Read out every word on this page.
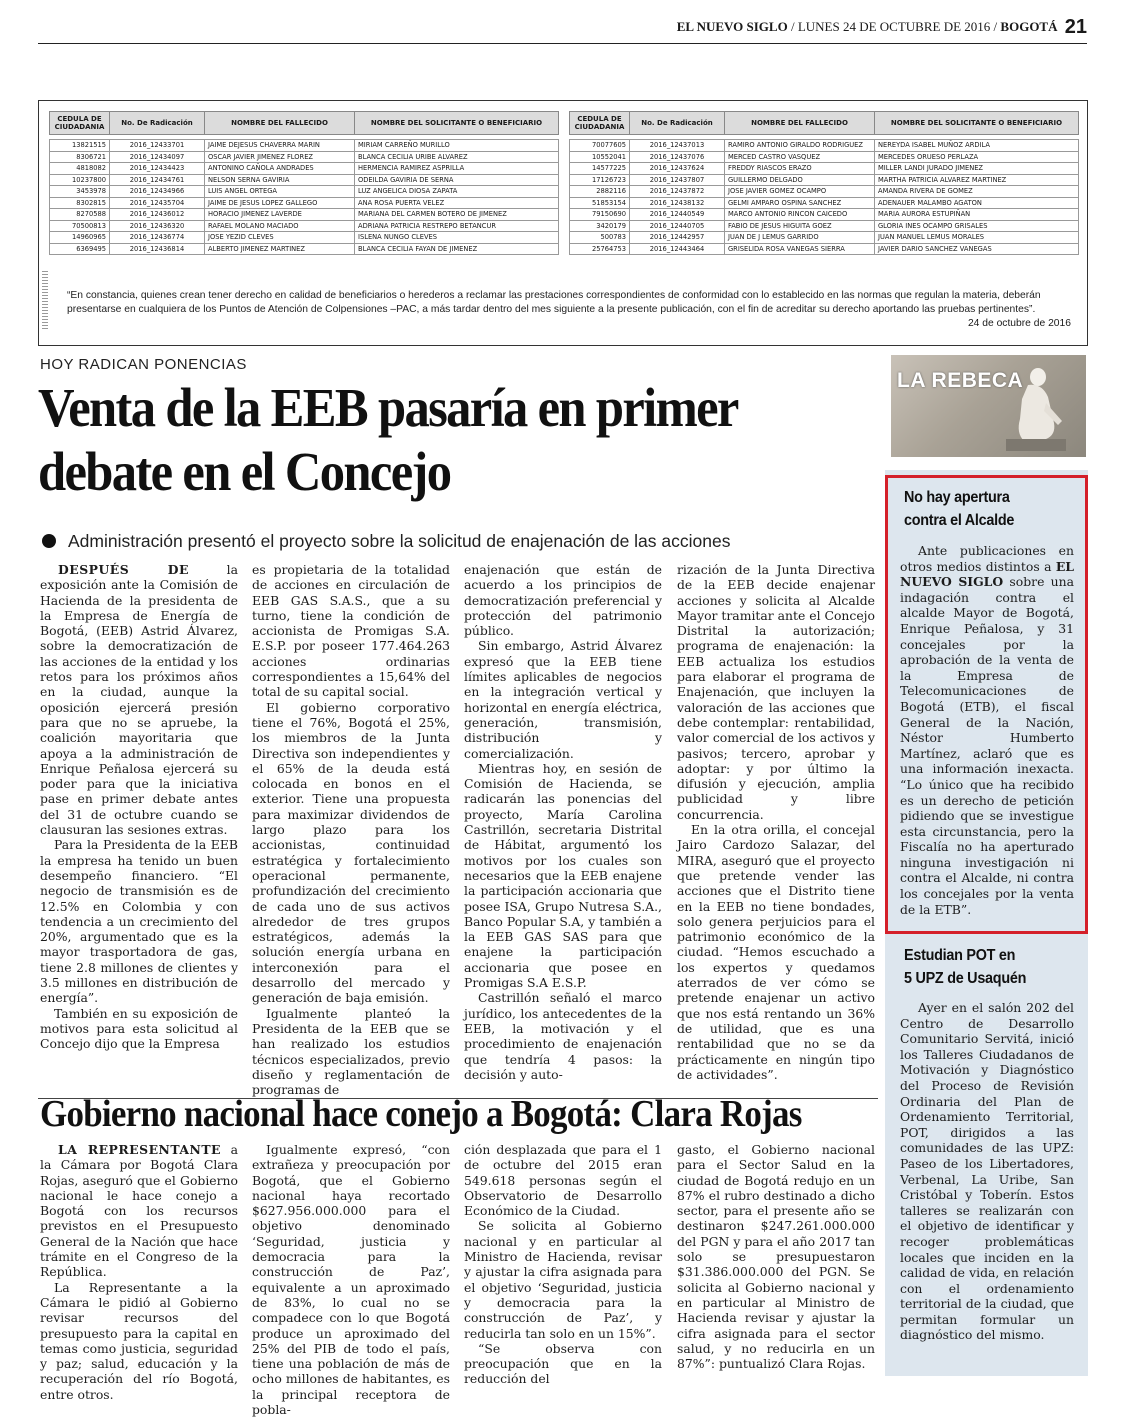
EL NUEVO SIGLO / LUNES 24 DE OCTUBRE DE 2016 / BOGOTÁ 21
CEDULA DE CIUDADANIA	No. De Radicación	NOMBRE DEL FALLECIDO	NOMBRE DEL SOLICITANTE O BENEFICIARIO

13821515	2016_12433701	JAIME DEJESUS CHAVERRA MARIN	MIRIAM CARREÑO MURILLO
8306721	2016_12434097	OSCAR JAVIER JIMENEZ FLOREZ	BLANCA CECILIA URIBE ALVAREZ
4818082	2016_12434423	ANTONINO CAÑOLA ANDRADES	HERMENCIA RAMIREZ ASPRILLA
10237800	2016_12434761	NELSON SERNA GAVIRIA	ODEILDA GAVIRIA DE SERNA
3453978	2016_12434966	LUIS ANGEL ORTEGA	LUZ ANGELICA DIOSA ZAPATA
8302815	2016_12435704	JAIME DE JESUS LOPEZ GALLEGO	ANA ROSA PUERTA VELEZ
8270588	2016_12436012	HORACIO JIMENEZ LAVERDE	MARIANA DEL CARMEN BOTERO DE JIMENEZ
70500813	2016_12436320	RAFAEL MOLANO MACIADO	ADRIANA PATRICIA RESTREPO BETANCUR
14960965	2016_12436774	JOSE YEZID CLEVES	ISLENA NUNGO CLEVES
6369495	2016_12436814	ALBERTO JIMENEZ MARTINEZ	BLANCA CECILIA FAYAN DE JIMENEZ
CEDULA DE CIUDADANIA	No. De Radicación	NOMBRE DEL FALLECIDO	NOMBRE DEL SOLICITANTE O BENEFICIARIO

70077605	2016_12437013	RAMIRO ANTONIO GIRALDO RODRIGUEZ	NEREYDA ISABEL MUÑOZ ARDILA
10552041	2016_12437076	MERCED CASTRO VASQUEZ	MERCEDES ORUESO PERLAZA
14577225	2016_12437624	FREDDY RIASCOS ERAZO	MILLER LANDI JURADO JIMENEZ
17126723	2016_12437807	GUILLERMO DELGADO	MARTHA PATRICIA ALVAREZ MARTINEZ
2882116	2016_12437872	JOSE JAVIER GOMEZ OCAMPO	AMANDA RIVERA DE GOMEZ
51853154	2016_12438132	GELMI AMPARO OSPINA SANCHEZ	ADENAUER MALAMBO AGATON
79150690	2016_12440549	MARCO ANTONIO RINCON CAICEDO	MARIA AURORA ESTUPIÑAN
3420179	2016_12440705	FABIO DE JESUS HIGUITA GOEZ	GLORIA INES OCAMPO GRISALES
500783	2016_12442957	JUAN DE J LEMUS GARRIDO	JUAN MANUEL LEMUS MORALES
25764753	2016_12443464	GRISELIDA ROSA VANEGAS SIERRA	JAVIER DARIO SANCHEZ VANEGAS
“En constancia, quienes crean tener derecho en calidad de beneficiarios o herederos a reclamar las prestaciones correspondientes de conformidad con lo establecido en las normas que regulan la materia, deberán presentarse en cualquiera de los Puntos de Atención de Colpensiones –PAC, a más tardar dentro del mes siguiente a la presente publicación, con el fin de acreditar su derecho aportando las pruebas pertinentes”.
24 de octubre de 2016
HOY RADICAN PONENCIAS
Venta de la EEB pasaría en primer debate en el Concejo
Administración presentó el proyecto sobre la solicitud de enajenación de las acciones

DESPUÉS DE la exposición ante la Comisión de Hacienda de la presidenta de la Empresa de Energía de Bogotá, (EEB) Astrid Álvarez, sobre la democratización de las acciones de la entidad y los retos para los próximos años en la ciudad, aunque la oposición ejercerá presión para que no se apruebe, la coalición mayoritaria que apoya a la administración de Enrique Peñalosa ejercerá su poder para que la iniciativa pase en primer debate antes del 31 de octubre cuando se clausuran las sesiones extras.

Para la Presidenta de la EEB la empresa ha tenido un buen desempeño financiero. “El negocio de transmisión es de 12.5% en Colombia y con tendencia a un crecimiento del 20%, argumentado que es la mayor trasportadora de gas, tiene 2.8 millones de clientes y 3.5 millones en distribución de energía”.

También en su exposición de motivos para esta solicitud al Concejo dijo que la Empresa

es propietaria de la totalidad de acciones en circulación de EEB GAS S.A.S., que a su turno, tiene la condición de accionista de Promigas S.A. E.S.P. por poseer 177.464.263 acciones ordinarias correspondientes a 15,64% del total de su capital social.

El gobierno corporativo tiene el 76%, Bogotá el 25%, los miembros de la Junta Directiva son independientes y el 65% de la deuda está colocada en bonos en el exterior. Tiene una propuesta para maximizar dividendos de largo plazo para los accionistas, continuidad estratégica y fortalecimiento operacional permanente, profundización del crecimiento de cada uno de sus activos alrededor de tres grupos estratégicos, además la solución energía urbana en interconexión para el desarrollo del mercado y generación de baja emisión.

Igualmente planteó la Presidenta de la EEB que se han realizado los estudios técnicos especializados, previo diseño y reglamentación de programas de

enajenación que están de acuerdo a los principios de democratización preferencial y protección del patrimonio público.

Sin embargo, Astrid Álvarez expresó que la EEB tiene límites aplicables de negocios en la integración vertical y horizontal en energía eléctrica, generación, transmisión, distribución y comercialización.

Mientras hoy, en sesión de Comisión de Hacienda, se radicarán las ponencias del proyecto, María Carolina Castrillón, secretaria Distrital de Hábitat, argumentó los motivos por los cuales son necesarios que la EEB enajene la participación accionaria que posee ISA, Grupo Nutresa S.A., Banco Popular S.A, y también a la EEB GAS SAS para que enajene la participación accionaria que posee en Promigas S.A E.S.P.

Castrillón señaló el marco jurídico, los antecedentes de la EEB, la motivación y el procedimiento de enajenación que tendría 4 pasos: la decisión y auto-

rización de la Junta Directiva de la EEB decide enajenar acciones y solicita al Alcalde Mayor tramitar ante el Concejo Distrital la autorización; programa de enajenación: la EEB actualiza los estudios para elaborar el programa de Enajenación, que incluyen la valoración de las acciones que debe contemplar: rentabilidad, valor comercial de los activos y pasivos; tercero, aprobar y adoptar: y por último la difusión y ejecución, amplia publicidad y libre concurrencia.

En la otra orilla, el concejal Jairo Cardozo Salazar, del MIRA, aseguró que el proyecto que pretende vender las acciones que el Distrito tiene en la EEB no tiene bondades, solo genera perjuicios para el patrimonio económico de la ciudad. “Hemos escuchado a los expertos y quedamos aterrados de ver cómo se pretende enajenar un activo que nos está rentando un 36% de utilidad, que es una rentabilidad que no se da prácticamente en ningún tipo de actividades”.

Gobierno nacional hace conejo a Bogotá: Clara Rojas

LA REPRESENTANTE a la Cámara por Bogotá Clara Rojas, aseguró que el Gobierno nacional le hace conejo a Bogotá con los recursos previstos en el Presupuesto General de la Nación que hace trámite en el Congreso de la República.

La Representante a la Cámara le pidió al Gobierno revisar recursos del presupuesto para la capital en temas como justicia, seguridad y paz; salud, educación y la recuperación del río Bogotá, entre otros.

Igualmente expresó, “con extrañeza y preocupación por Bogotá, que el Gobierno nacional haya recortado $627.956.000.000 para el objetivo denominado ‘Seguridad, justicia y democracia para la construcción de Paz’, equivalente a un aproximado de 83%, lo cual no se compadece con lo que Bogotá produce un aproximado del 25% del PIB de todo el país, tiene una población de más de ocho millones de habitantes, es la principal receptora de pobla-

ción desplazada que para el 1 de octubre del 2015 eran 549.618 personas según el Observatorio de Desarrollo Económico de la Ciudad.

Se solicita al Gobierno nacional y en particular al Ministro de Hacienda, revisar y ajustar la cifra asignada para el objetivo ‘Seguridad, justicia y democracia para la construcción de Paz’, y reducirla tan solo en un 15%”.

“Se observa con preocupación que en la reducción del

gasto, el Gobierno nacional para el Sector Salud en la ciudad de Bogotá redujo en un 87% el rubro destinado a dicho sector, para el presente año se destinaron $247.261.000.000 del PGN y para el año 2017 tan solo se presupuestaron $31.386.000.000 del PGN. Se solicita al Gobierno nacional y en particular al Ministro de Hacienda revisar y ajustar la cifra asignada para el sector salud, y no reducirla en un 87%”: puntualizó Clara Rojas.

LA REBECA
No hay apertura
contra el Alcalde

Ante publicaciones en otros medios distintos a EL NUEVO SIGLO sobre una indagación contra el alcalde Mayor de Bogotá, Enrique Peñalosa, y 31 concejales por la aprobación de la venta de la Empresa de Telecomunicaciones de Bogotá (ETB), el fiscal General de la Nación, Néstor Humberto Martínez, aclaró que es una información inexacta. “Lo único que ha recibido es un derecho de petición pidiendo que se investigue esta circunstancia, pero la Fiscalía no ha aperturado ninguna investigación ni contra el Alcalde, ni contra los concejales por la venta de la ETB”.

Estudian POT en
5 UPZ de Usaquén

Ayer en el salón 202 del Centro de Desarrollo Comunitario Servitá, inició los Talleres Ciudadanos de Motivación y Diagnóstico del Proceso de Revisión Ordinaria del Plan de Ordenamiento Territorial, POT, dirigidos a las comunidades de las UPZ: Paseo de los Libertadores, Verbenal, La Uribe, San Cristóbal y Toberín. Estos talleres se realizarán con el objetivo de identificar y recoger problemáticas locales que inciden en la calidad de vida, en relación con el ordenamiento territorial de la ciudad, que permitan formular un diagnóstico del mismo.
